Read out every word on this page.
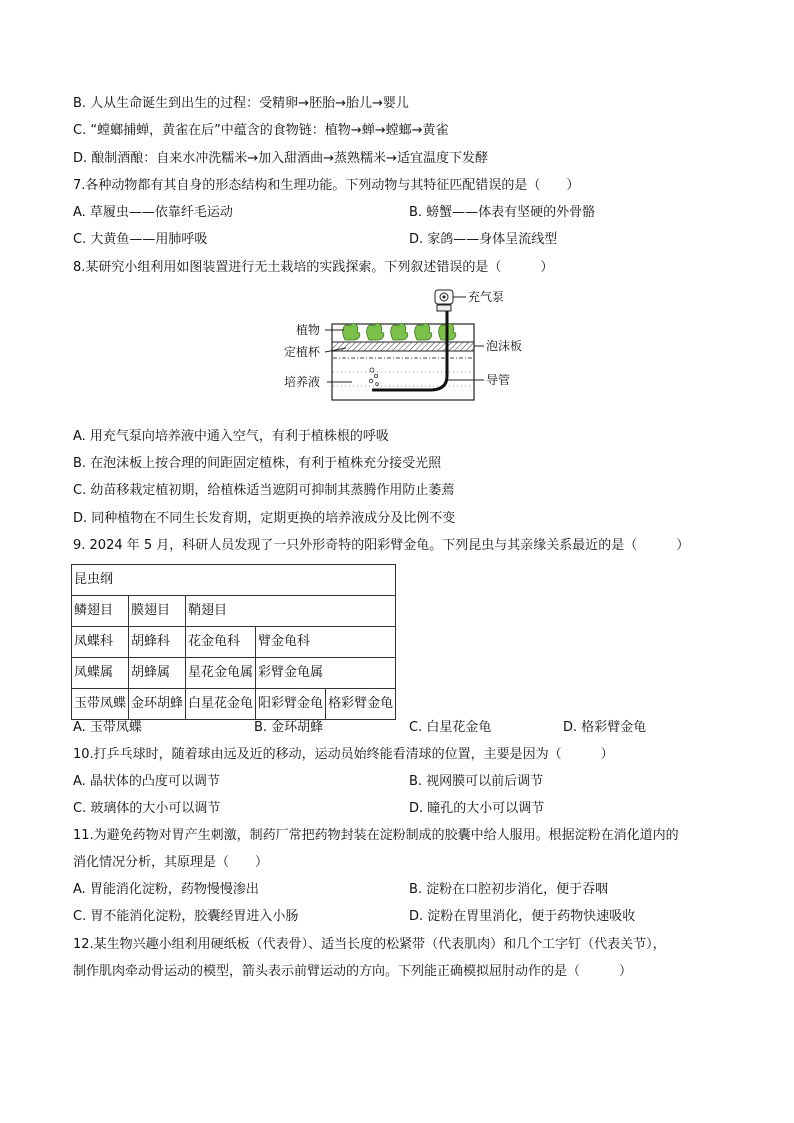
B. 人从生命诞生到出生的过程：受精卵→胚胎→胎儿→婴儿
C. “螳螂捕蝉，黄雀在后”中蕴含的食物链：植物→蝉→螳螂→黄雀
D. 酿制酒酿：自来水冲洗糯米→加入甜酒曲→蒸熟糯米→适宜温度下发酵
7.各种动物都有其自身的形态结构和生理功能。下列动物与其特征匹配错误的是（　　）
A. 草履虫——依靠纤毛运动	B. 螃蟹——体表有坚硬的外骨骼
C. 大黄鱼——用肺呼吸	D. 家鸽——身体呈流线型
8.某研究小组利用如图装置进行无土栽培的实践探索。下列叙述错误的是（　　　）
充气泵
植物
定植杯	泡沫板
培养液	导管
A. 用充气泵向培养液中通入空气，有利于植株根的呼吸
B. 在泡沫板上按合理的间距固定植株，有利于植株充分接受光照
C. 幼苗移栽定植初期，给植株适当遮阴可抑制其蒸腾作用防止萎蔫
D. 同种植物在不同生长发育期，定期更换的培养液成分及比例不变
9. 2024 年 5 月，科研人员发现了一只外形奇特的阳彩臂金龟。下列昆虫与其亲缘关系最近的是（　　　）
昆虫纲				
鳞翅目	膜翅目	鞘翅目		
凤蝶科	胡蜂科	花金龟科	臂金龟科	
凤蝶属	胡蜂属	星花金龟属	彩臂金龟属	
玉带凤蝶	金环胡蜂	白星花金龟	阳彩臂金龟	格彩臂金龟
A. 玉带凤蝶	B. 金环胡蜂	C. 白星花金龟	D. 格彩臂金龟
10.打乒乓球时，随着球由远及近的移动，运动员始终能看清球的位置，主要是因为（　　　）
A. 晶状体的凸度可以调节	B. 视网膜可以前后调节
C. 玻璃体的大小可以调节	D. 瞳孔的大小可以调节
11.为避免药物对胃产生刺激，制药厂常把药物封装在淀粉制成的胶囊中给人服用。根据淀粉在消化道内的
消化情况分析，其原理是（　　）
A. 胃能消化淀粉，药物慢慢渗出	B. 淀粉在口腔初步消化，便于吞咽
C. 胃不能消化淀粉，胶囊经胃进入小肠	D. 淀粉在胃里消化，便于药物快速吸收
12.某生物兴趣小组利用硬纸板（代表骨）、适当长度的松紧带（代表肌肉）和几个工字钉（代表关节），
制作肌肉牵动骨运动的模型，箭头表示前臂运动的方向。下列能正确模拟屈肘动作的是（　　　）
